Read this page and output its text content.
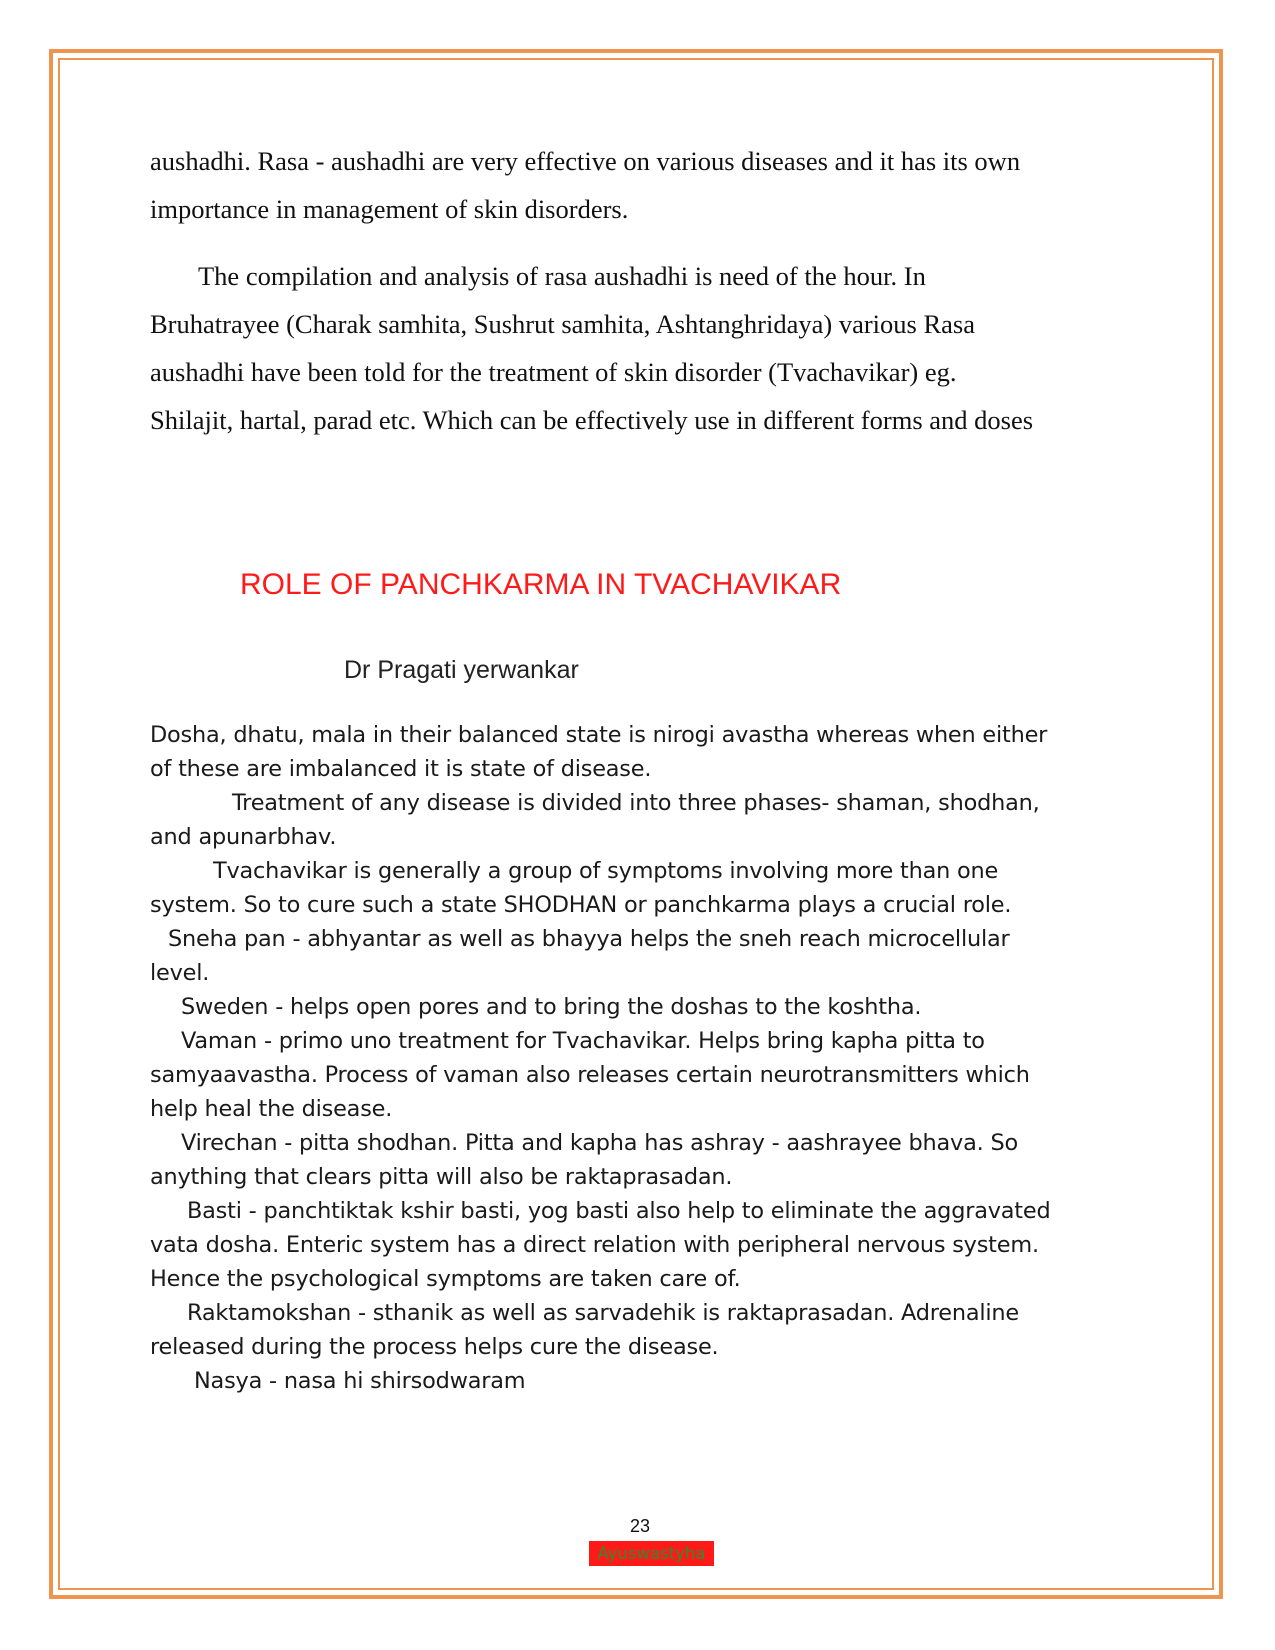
aushadhi. Rasa - aushadhi are very effective on various diseases and it has its own
importance in management of skin disorders.
The compilation and analysis of rasa aushadhi is need of the hour. In
Bruhatrayee (Charak samhita, Sushrut samhita, Ashtanghridaya) various Rasa
aushadhi have been told for the treatment of skin disorder (Tvachavikar) eg.
Shilajit, hartal, parad etc. Which can be effectively use in different forms and doses
ROLE OF PANCHKARMA IN TVACHAVIKAR

Dr Pragati yerwankar

Dosha, dhatu, mala in their balanced state is nirogi avastha whereas when either
of these are imbalanced it is state of disease.
Treatment of any disease is divided into three phases- shaman, shodhan,
and apunarbhav.
Tvachavikar is generally a group of symptoms involving more than one
system. So to cure such a state SHODHAN or panchkarma plays a crucial role.
Sneha pan - abhyantar as well as bhayya helps the sneh reach microcellular
level.
Sweden - helps open pores and to bring the doshas to the koshtha.
Vaman - primo uno treatment for Tvachavikar. Helps bring kapha pitta to
samyaavastha. Process of vaman also releases certain neurotransmitters which
help heal the disease.
Virechan - pitta shodhan. Pitta and kapha has ashray - aashrayee bhava. So
anything that clears pitta will also be raktaprasadan.
Basti - panchtiktak kshir basti, yog basti also help to eliminate the aggravated
vata dosha. Enteric system has a direct relation with peripheral nervous system.
Hence the psychological symptoms are taken care of.
Raktamokshan - sthanik as well as sarvadehik is raktaprasadan. Adrenaline
released during the process helps cure the disease.
Nasya - nasa hi shirsodwaram
23
Ayuswastyha
